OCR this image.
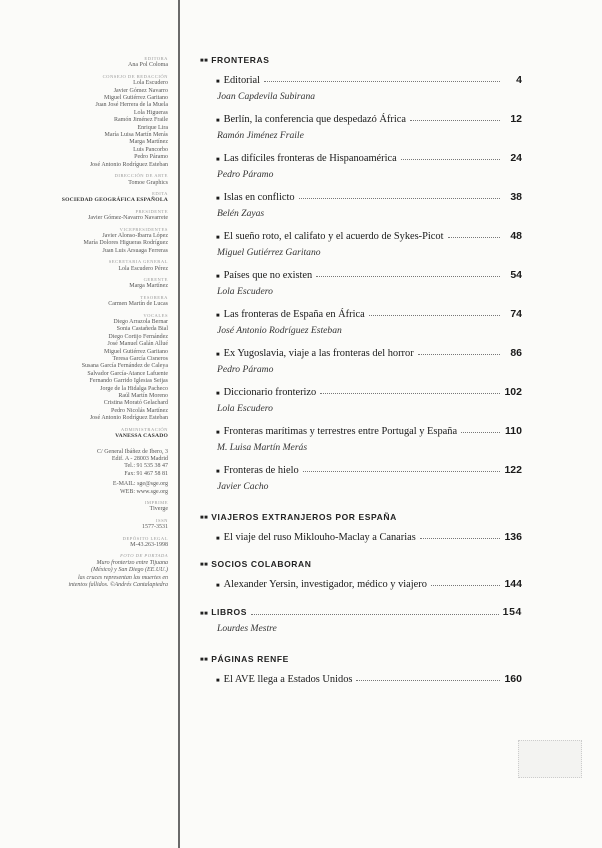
EDITORA
Ana Pol Coloma
CONSEJO DE REDACCIÓN
Lola Escudero
Javier Gómez Navarro
Miguel Gutiérrez Garitano
Juan José Herrera de la Muela
Lola Higueras
Ramón Jiménez Fraile
Enrique Lira
María Luisa Martín Merás
Marga Martínez
Luis Pancorbo
Pedro Páramo
José Antonio Rodríguez Esteban
DIRECCIÓN DE ARTE
Tomoe Graphics
EDITA
SOCIEDAD GEOGRÁFICA ESPAÑOLA
PRESIDENTE
Javier Gómez-Navarro Navarrete
VICEPRESIDENTES
Javier Alonso-Ibarra López
María Dolores Higueras Rodríguez
Juan Luis Arsuaga Ferreras
SECRETARIA GENERAL
Lola Escudero Pérez
GERENTE
Marga Martínez
TESORERA
Carmen Martín de Lucas
VOCALES
Diego Arrazola Bernar
Sonia Castañeda Bial
Diego Cortijo Fernández
José Manuel Galán Allué
Miguel Gutiérrez Garitano
Teresa García Cisneros
Susana García Fernández de Caleya
Salvador García-Atance Lafuente
Fernando Garrido Iglesias Seijas
Jorge de la Hidalga Pacheco
Raúl Martín Moreno
Cristina Morató Gelachard
Pedro Nicolás Martínez
José Antonio Rodríguez Esteban
ADMINISTRACIÓN
VANESSA CASADO
C/ General Ibáñez de Ibero, 3
Edif. A - 28003 Madrid
Tel.: 91 535 38 47
Fax: 91 467 58 81
E-MAIL: sge@sge.org
WEB: www.sge.org
IMPRIME
Tiverge
ISSN
1577-3531
DEPÓSITO LEGAL
M-43.263-1998
FOTO DE PORTADA
Muro fronterizo entre Tijuana
(México) y San Diego (EE.UU.)
las cruces representan las muertes en
intentos fallidos. ©Andrés Cantalapiedra
■■ FRONTERAS
■ Editorial	4
Joan Capdevila Subirana
■ Berlín, la conferencia que despedazó África	12
Ramón Jiménez Fraile
■ Las difíciles fronteras de Hispanoamérica	24
Pedro Páramo
■ Islas en conflicto	38
Belén Zayas
■ El sueño roto, el califato y el acuerdo de Sykes-Picot	48
Miguel Gutiérrez Garitano
■ Países que no existen	54
Lola Escudero
■ Las fronteras de España en África	74
José Antonio Rodríguez Esteban
■ Ex Yugoslavia, viaje a las fronteras del horror	86
Pedro Páramo
■ Diccionario fronterizo	102
Lola Escudero
■ Fronteras marítimas y terrestres entre Portugal y España	110
M. Luisa Martín Merás
■ Fronteras de hielo	122
Javier Cacho
■■ VIAJEROS EXTRANJEROS POR ESPAÑA
■ El viaje del ruso Miklouho-Maclay a Canarias	136
■■ SOCIOS COLABORAN
■ Alexander Yersin, investigador, médico y viajero	144
■■ LIBROS	154
Lourdes Mestre
■■ PÁGINAS RENFE
■ El AVE llega a Estados Unidos	160
